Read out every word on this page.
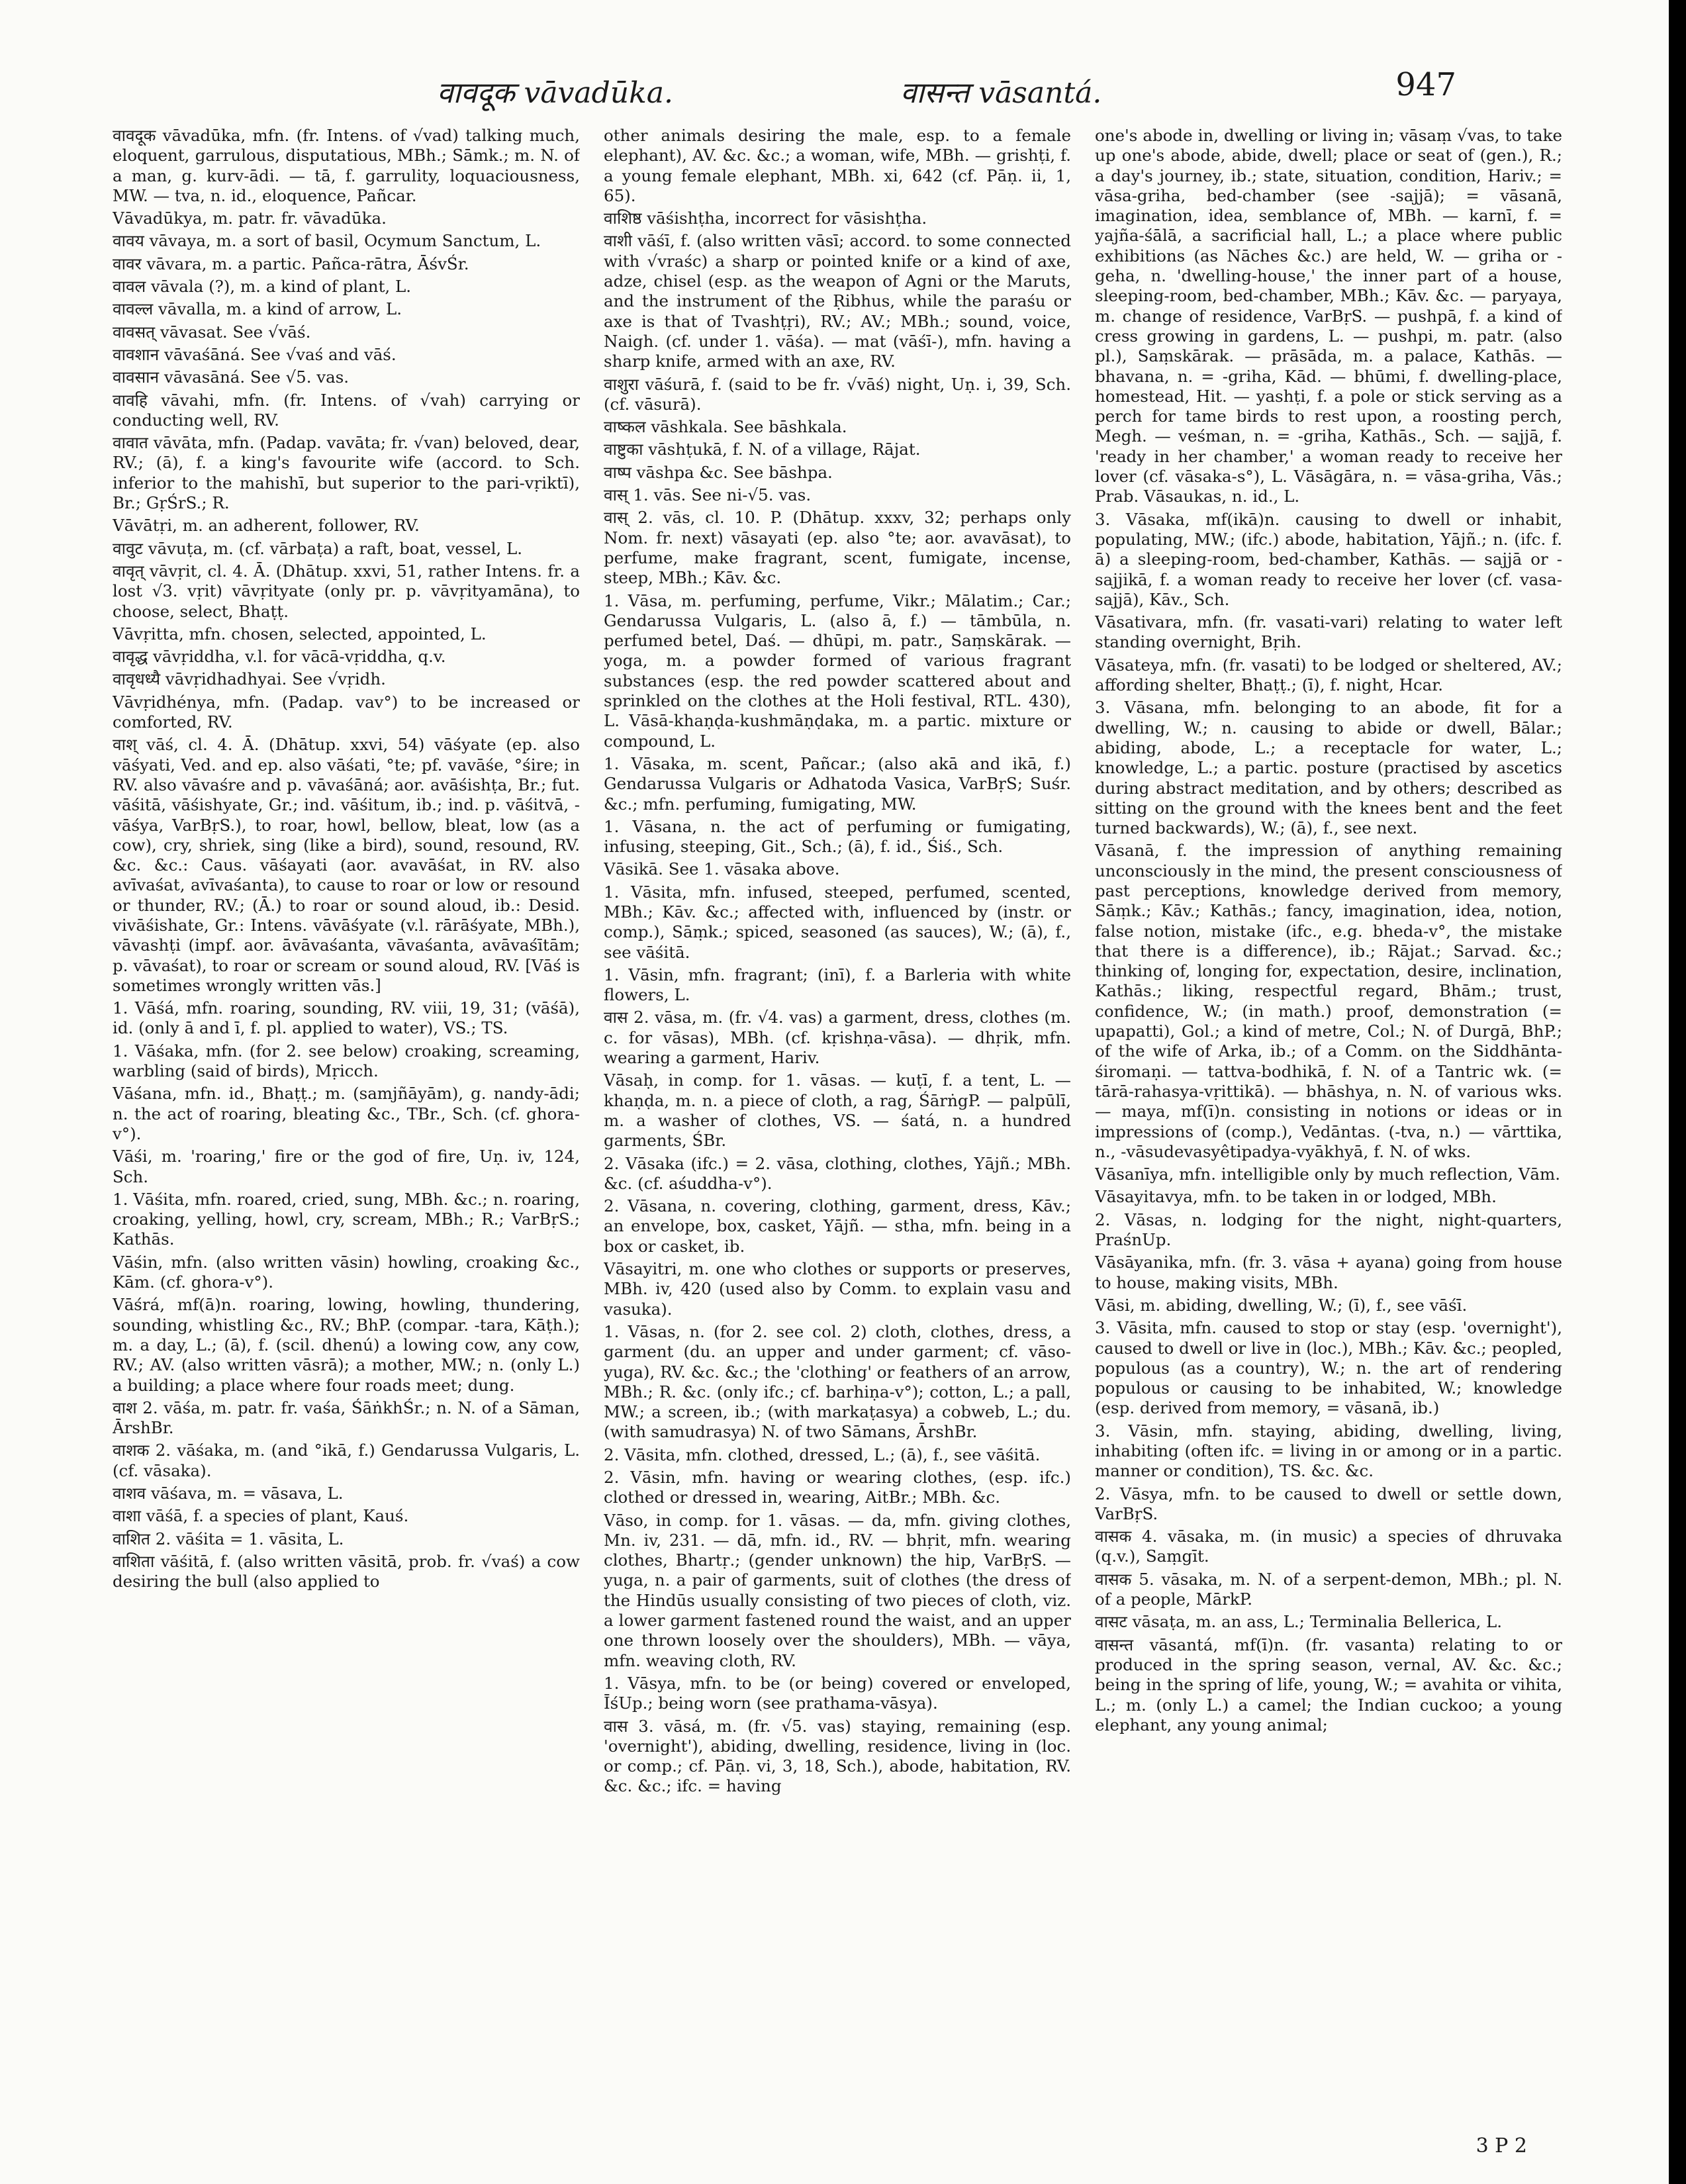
वावदूक vāvadūka.	वासन्त vāsantá.	947

वावदूक vāvadūka, mfn. (fr. Intens. of √vad) talking much, eloquent, garrulous, disputatious, MBh.; Sāmk.; m. N. of a man, g. kurv-ādi. — tā, f. garrulity, loquaciousness, MW. — tva, n. id., eloquence, Pañcar.

Vāvadūkya, m. patr. fr. vāvadūka.

वावय vāvaya, m. a sort of basil, Ocymum Sanctum, L.

वावर vāvara, m. a partic. Pañca-rātra, ĀśvŚr.

वावल vāvala (?), m. a kind of plant, L.

वावल्ल vāvalla, m. a kind of arrow, L.

वावसत् vāvasat. See √vāś.

वावशान vāvaśāná. See √vaś and vāś.

वावसान vāvasāná. See √5. vas.

वावहि vāvahi, mfn. (fr. Intens. of √vah) carrying or conducting well, RV.

वावात vāvāta, mfn. (Padap. vavāta; fr. √van) beloved, dear, RV.; (ā), f. a king's favourite wife (accord. to Sch. inferior to the mahishī, but superior to the pari-vṛiktī), Br.; GṛŚrS.; R.

Vāvātṛi, m. an adherent, follower, RV.

वावुट vāvuṭa, m. (cf. vārbaṭa) a raft, boat, vessel, L.

वावृत् vāvṛit, cl. 4. Ā. (Dhātup. xxvi, 51, rather Intens. fr. a lost √3. vṛit) vāvṛityate (only pr. p. vāvṛityamāna), to choose, select, Bhaṭṭ.

Vāvṛitta, mfn. chosen, selected, appointed, L.

वावृद्ध vāvṛiddha, v.l. for vācā-vṛiddha, q.v.

वावृधध्यै vāvṛidhadhyai. See √vṛidh.

Vāvṛidhénya, mfn. (Padap. vav°) to be increased or comforted, RV.

वाश् vāś, cl. 4. Ā. (Dhātup. xxvi, 54) vāśyate (ep. also vāśyati, Ved. and ep. also vāśati, °te; pf. vavāśe, °śire; in RV. also vāvaśre and p. vāvaśāná; aor. avāśishṭa, Br.; fut. vāśitā, vāśishyate, Gr.; ind. vāśitum, ib.; ind. p. vāśitvā, -vāśya, VarBṛS.), to roar, howl, bellow, bleat, low (as a cow), cry, shriek, sing (like a bird), sound, resound, RV. &c. &c.: Caus. vāśayati (aor. avavāśat, in RV. also avīvaśat, avīvaśanta), to cause to roar or low or resound or thunder, RV.; (Ā.) to roar or sound aloud, ib.: Desid. vivāśishate, Gr.: Intens. vāvāśyate (v.l. rārāśyate, MBh.), vāvashṭi (impf. aor. āvāvaśanta, vāvaśanta, avāvaśītām; p. vāvaśat), to roar or scream or sound aloud, RV. [Vāś is sometimes wrongly written vās.]

1. Vāśá, mfn. roaring, sounding, RV. viii, 19, 31; (vāśā), id. (only ā and ī, f. pl. applied to water), VS.; TS.

1. Vāśaka, mfn. (for 2. see below) croaking, screaming, warbling (said of birds), Mṛicch.

Vāśana, mfn. id., Bhaṭṭ.; m. (samjñāyām), g. nandy-ādi; n. the act of roaring, bleating &c., TBr., Sch. (cf. ghora-v°).

Vāśi, m. 'roaring,' fire or the god of fire, Uṇ. iv, 124, Sch.

1. Vāśita, mfn. roared, cried, sung, MBh. &c.; n. roaring, croaking, yelling, howl, cry, scream, MBh.; R.; VarBṛS.; Kathās.

Vāśin, mfn. (also written vāsin) howling, croaking &c., Kām. (cf. ghora-v°).

Vāśrá, mf(ā)n. roaring, lowing, howling, thundering, sounding, whistling &c., RV.; BhP. (compar. -tara, Kāṭh.); m. a day, L.; (ā), f. (scil. dhenú) a lowing cow, any cow, RV.; AV. (also written vāsrā); a mother, MW.; n. (only L.) a building; a place where four roads meet; dung.

वाश 2. vāśa, m. patr. fr. vaśa, ŚāṅkhŚr.; n. N. of a Sāman, ĀrshBr.

वाशक 2. vāśaka, m. (and °ikā, f.) Gendarussa Vulgaris, L. (cf. vāsaka).

वाशव vāśava, m. = vāsava, L.

वाशा vāśā, f. a species of plant, Kauś.

वाशित 2. vāśita = 1. vāsita, L.

वाशिता vāśitā, f. (also written vāsitā, prob. fr. √vaś) a cow desiring the bull (also applied to

other animals desiring the male, esp. to a female elephant), AV. &c. &c.; a woman, wife, MBh. — grishṭi, f. a young female elephant, MBh. xi, 642 (cf. Pāṇ. ii, 1, 65).

वाशिष्ठ vāśishṭha, incorrect for vāsishṭha.

वाशी vāśī, f. (also written vāsī; accord. to some connected with √vraśc) a sharp or pointed knife or a kind of axe, adze, chisel (esp. as the weapon of Agni or the Maruts, and the instrument of the Ṛibhus, while the paraśu or axe is that of Tvashṭṛi), RV.; AV.; MBh.; sound, voice, Naigh. (cf. under 1. vāśa). — mat (vāśī-), mfn. having a sharp knife, armed with an axe, RV.

वाशुरा vāśurā, f. (said to be fr. √vāś) night, Uṇ. i, 39, Sch. (cf. vāsurā).

वाष्कल vāshkala. See bāshkala.

वाष्टुका vāshṭukā, f. N. of a village, Rājat.

वाष्प vāshpa &c. See bāshpa.

वास् 1. vās. See ni-√5. vas.

वास् 2. vās, cl. 10. P. (Dhātup. xxxv, 32; perhaps only Nom. fr. next) vāsayati (ep. also °te; aor. avavāsat), to perfume, make fragrant, scent, fumigate, incense, steep, MBh.; Kāv. &c.

1. Vāsa, m. perfuming, perfume, Vikr.; Mālatim.; Car.; Gendarussa Vulgaris, L. (also ā, f.) — tāmbūla, n. perfumed betel, Daś. — dhūpi, m. patr., Saṃskārak. — yoga, m. a powder formed of various fragrant substances (esp. the red powder scattered about and sprinkled on the clothes at the Holi festival, RTL. 430), L. Vāsā-khaṇḍa-kushmāṇḍaka, m. a partic. mixture or compound, L.

1. Vāsaka, m. scent, Pañcar.; (also akā and ikā, f.) Gendarussa Vulgaris or Adhatoda Vasica, VarBṛS; Suśr. &c.; mfn. perfuming, fumigating, MW.

1. Vāsana, n. the act of perfuming or fumigating, infusing, steeping, Git., Sch.; (ā), f. id., Śiś., Sch.

Vāsikā. See 1. vāsaka above.

1. Vāsita, mfn. infused, steeped, perfumed, scented, MBh.; Kāv. &c.; affected with, influenced by (instr. or comp.), Sāṃk.; spiced, seasoned (as sauces), W.; (ā), f., see vāśitā.

1. Vāsin, mfn. fragrant; (inī), f. a Barleria with white flowers, L.

वास 2. vāsa, m. (fr. √4. vas) a garment, dress, clothes (m. c. for vāsas), MBh. (cf. kṛishṇa-vāsa). — dhṛik, mfn. wearing a garment, Hariv.

Vāsaḥ, in comp. for 1. vāsas. — kuṭī, f. a tent, L. — khaṇḍa, m. n. a piece of cloth, a rag, ŚārṅgP. — palpūlī, m. a washer of clothes, VS. — śatá, n. a hundred garments, ŚBr.

2. Vāsaka (ifc.) = 2. vāsa, clothing, clothes, Yājñ.; MBh. &c. (cf. aśuddha-v°).

2. Vāsana, n. covering, clothing, garment, dress, Kāv.; an envelope, box, casket, Yājñ. — stha, mfn. being in a box or casket, ib.

Vāsayitri, m. one who clothes or supports or preserves, MBh. iv, 420 (used also by Comm. to explain vasu and vasuka).

1. Vāsas, n. (for 2. see col. 2) cloth, clothes, dress, a garment (du. an upper and under garment; cf. vāso-yuga), RV. &c. &c.; the 'clothing' or feathers of an arrow, MBh.; R. &c. (only ifc.; cf. barhiṇa-v°); cotton, L.; a pall, MW.; a screen, ib.; (with markaṭasya) a cobweb, L.; du. (with samudrasya) N. of two Sāmans, ĀrshBr.

2. Vāsita, mfn. clothed, dressed, L.; (ā), f., see vāśitā.

2. Vāsin, mfn. having or wearing clothes, (esp. ifc.) clothed or dressed in, wearing, AitBr.; MBh. &c.

Vāso, in comp. for 1. vāsas. — da, mfn. giving clothes, Mn. iv, 231. — dā, mfn. id., RV. — bhṛit, mfn. wearing clothes, Bhartṛ.; (gender unknown) the hip, VarBṛS. — yuga, n. a pair of garments, suit of clothes (the dress of the Hindūs usually consisting of two pieces of cloth, viz. a lower garment fastened round the waist, and an upper one thrown loosely over the shoulders), MBh. — vāya, mfn. weaving cloth, RV.

1. Vāsya, mfn. to be (or being) covered or enveloped, ĪśUp.; being worn (see prathama-vāsya).

वास 3. vāsá, m. (fr. √5. vas) staying, remaining (esp. 'overnight'), abiding, dwelling, residence, living in (loc. or comp.; cf. Pāṇ. vi, 3, 18, Sch.), abode, habitation, RV. &c. &c.; ifc. = having

one's abode in, dwelling or living in; vāsaṃ √vas, to take up one's abode, abide, dwell; place or seat of (gen.), R.; a day's journey, ib.; state, situation, condition, Hariv.; = vāsa-griha, bed-chamber (see -sajjā); = vāsanā, imagination, idea, semblance of, MBh. — karnī, f. = yajña-śālā, a sacrificial hall, L.; a place where public exhibitions (as Nāches &c.) are held, W. — griha or -geha, n. 'dwelling-house,' the inner part of a house, sleeping-room, bed-chamber, MBh.; Kāv. &c. — paryaya, m. change of residence, VarBṛS. — pushpā, f. a kind of cress growing in gardens, L. — pushpi, m. patr. (also pl.), Saṃskārak. — prāsāda, m. a palace, Kathās. — bhavana, n. = -griha, Kād. — bhūmi, f. dwelling-place, homestead, Hit. — yashṭi, f. a pole or stick serving as a perch for tame birds to rest upon, a roosting perch, Megh. — veśman, n. = -griha, Kathās., Sch. — sajjā, f. 'ready in her chamber,' a woman ready to receive her lover (cf. vāsaka-s°), L. Vāsāgāra, n. = vāsa-griha, Vās.; Prab. Vāsaukas, n. id., L.

3. Vāsaka, mf(ikā)n. causing to dwell or inhabit, populating, MW.; (ifc.) abode, habitation, Yājñ.; n. (ifc. f. ā) a sleeping-room, bed-chamber, Kathās. — sajjā or -sajjikā, f. a woman ready to receive her lover (cf. vasa-sajjā), Kāv., Sch.

Vāsativara, mfn. (fr. vasati-vari) relating to water left standing overnight, Bṛih.

Vāsateya, mfn. (fr. vasati) to be lodged or sheltered, AV.; affording shelter, Bhaṭṭ.; (ī), f. night, Hcar.

3. Vāsana, mfn. belonging to an abode, fit for a dwelling, W.; n. causing to abide or dwell, Bālar.; abiding, abode, L.; a receptacle for water, L.; knowledge, L.; a partic. posture (practised by ascetics during abstract meditation, and by others; described as sitting on the ground with the knees bent and the feet turned backwards), W.; (ā), f., see next.

Vāsanā, f. the impression of anything remaining unconsciously in the mind, the present consciousness of past perceptions, knowledge derived from memory, Sāṃk.; Kāv.; Kathās.; fancy, imagination, idea, notion, false notion, mistake (ifc., e.g. bheda-v°, the mistake that there is a difference), ib.; Rājat.; Sarvad. &c.; thinking of, longing for, expectation, desire, inclination, Kathās.; liking, respectful regard, Bhām.; trust, confidence, W.; (in math.) proof, demonstration (= upapatti), Gol.; a kind of metre, Col.; N. of Durgā, BhP.; of the wife of Arka, ib.; of a Comm. on the Siddhānta-śiromaṇi. — tattva-bodhikā, f. N. of a Tantric wk. (= tārā-rahasya-vṛittikā). — bhāshya, n. N. of various wks. — maya, mf(ī)n. consisting in notions or ideas or in impressions of (comp.), Vedāntas. (-tva, n.) — vārttika, n., -vāsudevasyêtipadya-vyākhyā, f. N. of wks.

Vāsanīya, mfn. intelligible only by much reflection, Vām.

Vāsayitavya, mfn. to be taken in or lodged, MBh.

2. Vāsas, n. lodging for the night, night-quarters, PraśnUp.

Vāsāyanika, mfn. (fr. 3. vāsa + ayana) going from house to house, making visits, MBh.

Vāsi, m. abiding, dwelling, W.; (ī), f., see vāśī.

3. Vāsita, mfn. caused to stop or stay (esp. 'overnight'), caused to dwell or live in (loc.), MBh.; Kāv. &c.; peopled, populous (as a country), W.; n. the art of rendering populous or causing to be inhabited, W.; knowledge (esp. derived from memory, = vāsanā, ib.)

3. Vāsin, mfn. staying, abiding, dwelling, living, inhabiting (often ifc. = living in or among or in a partic. manner or condition), TS. &c. &c.

2. Vāsya, mfn. to be caused to dwell or settle down, VarBṛS.

वासक 4. vāsaka, m. (in music) a species of dhruvaka (q.v.), Saṃgīt.

वासक 5. vāsaka, m. N. of a serpent-demon, MBh.; pl. N. of a people, MārkP.

वासट vāsaṭa, m. an ass, L.; Terminalia Bellerica, L.

वासन्त vāsantá, mf(ī)n. (fr. vasanta) relating to or produced in the spring season, vernal, AV. &c. &c.; being in the spring of life, young, W.; = avahita or vihita, L.; m. (only L.) a camel; the Indian cuckoo; a young elephant, any young animal;

3 P 2
